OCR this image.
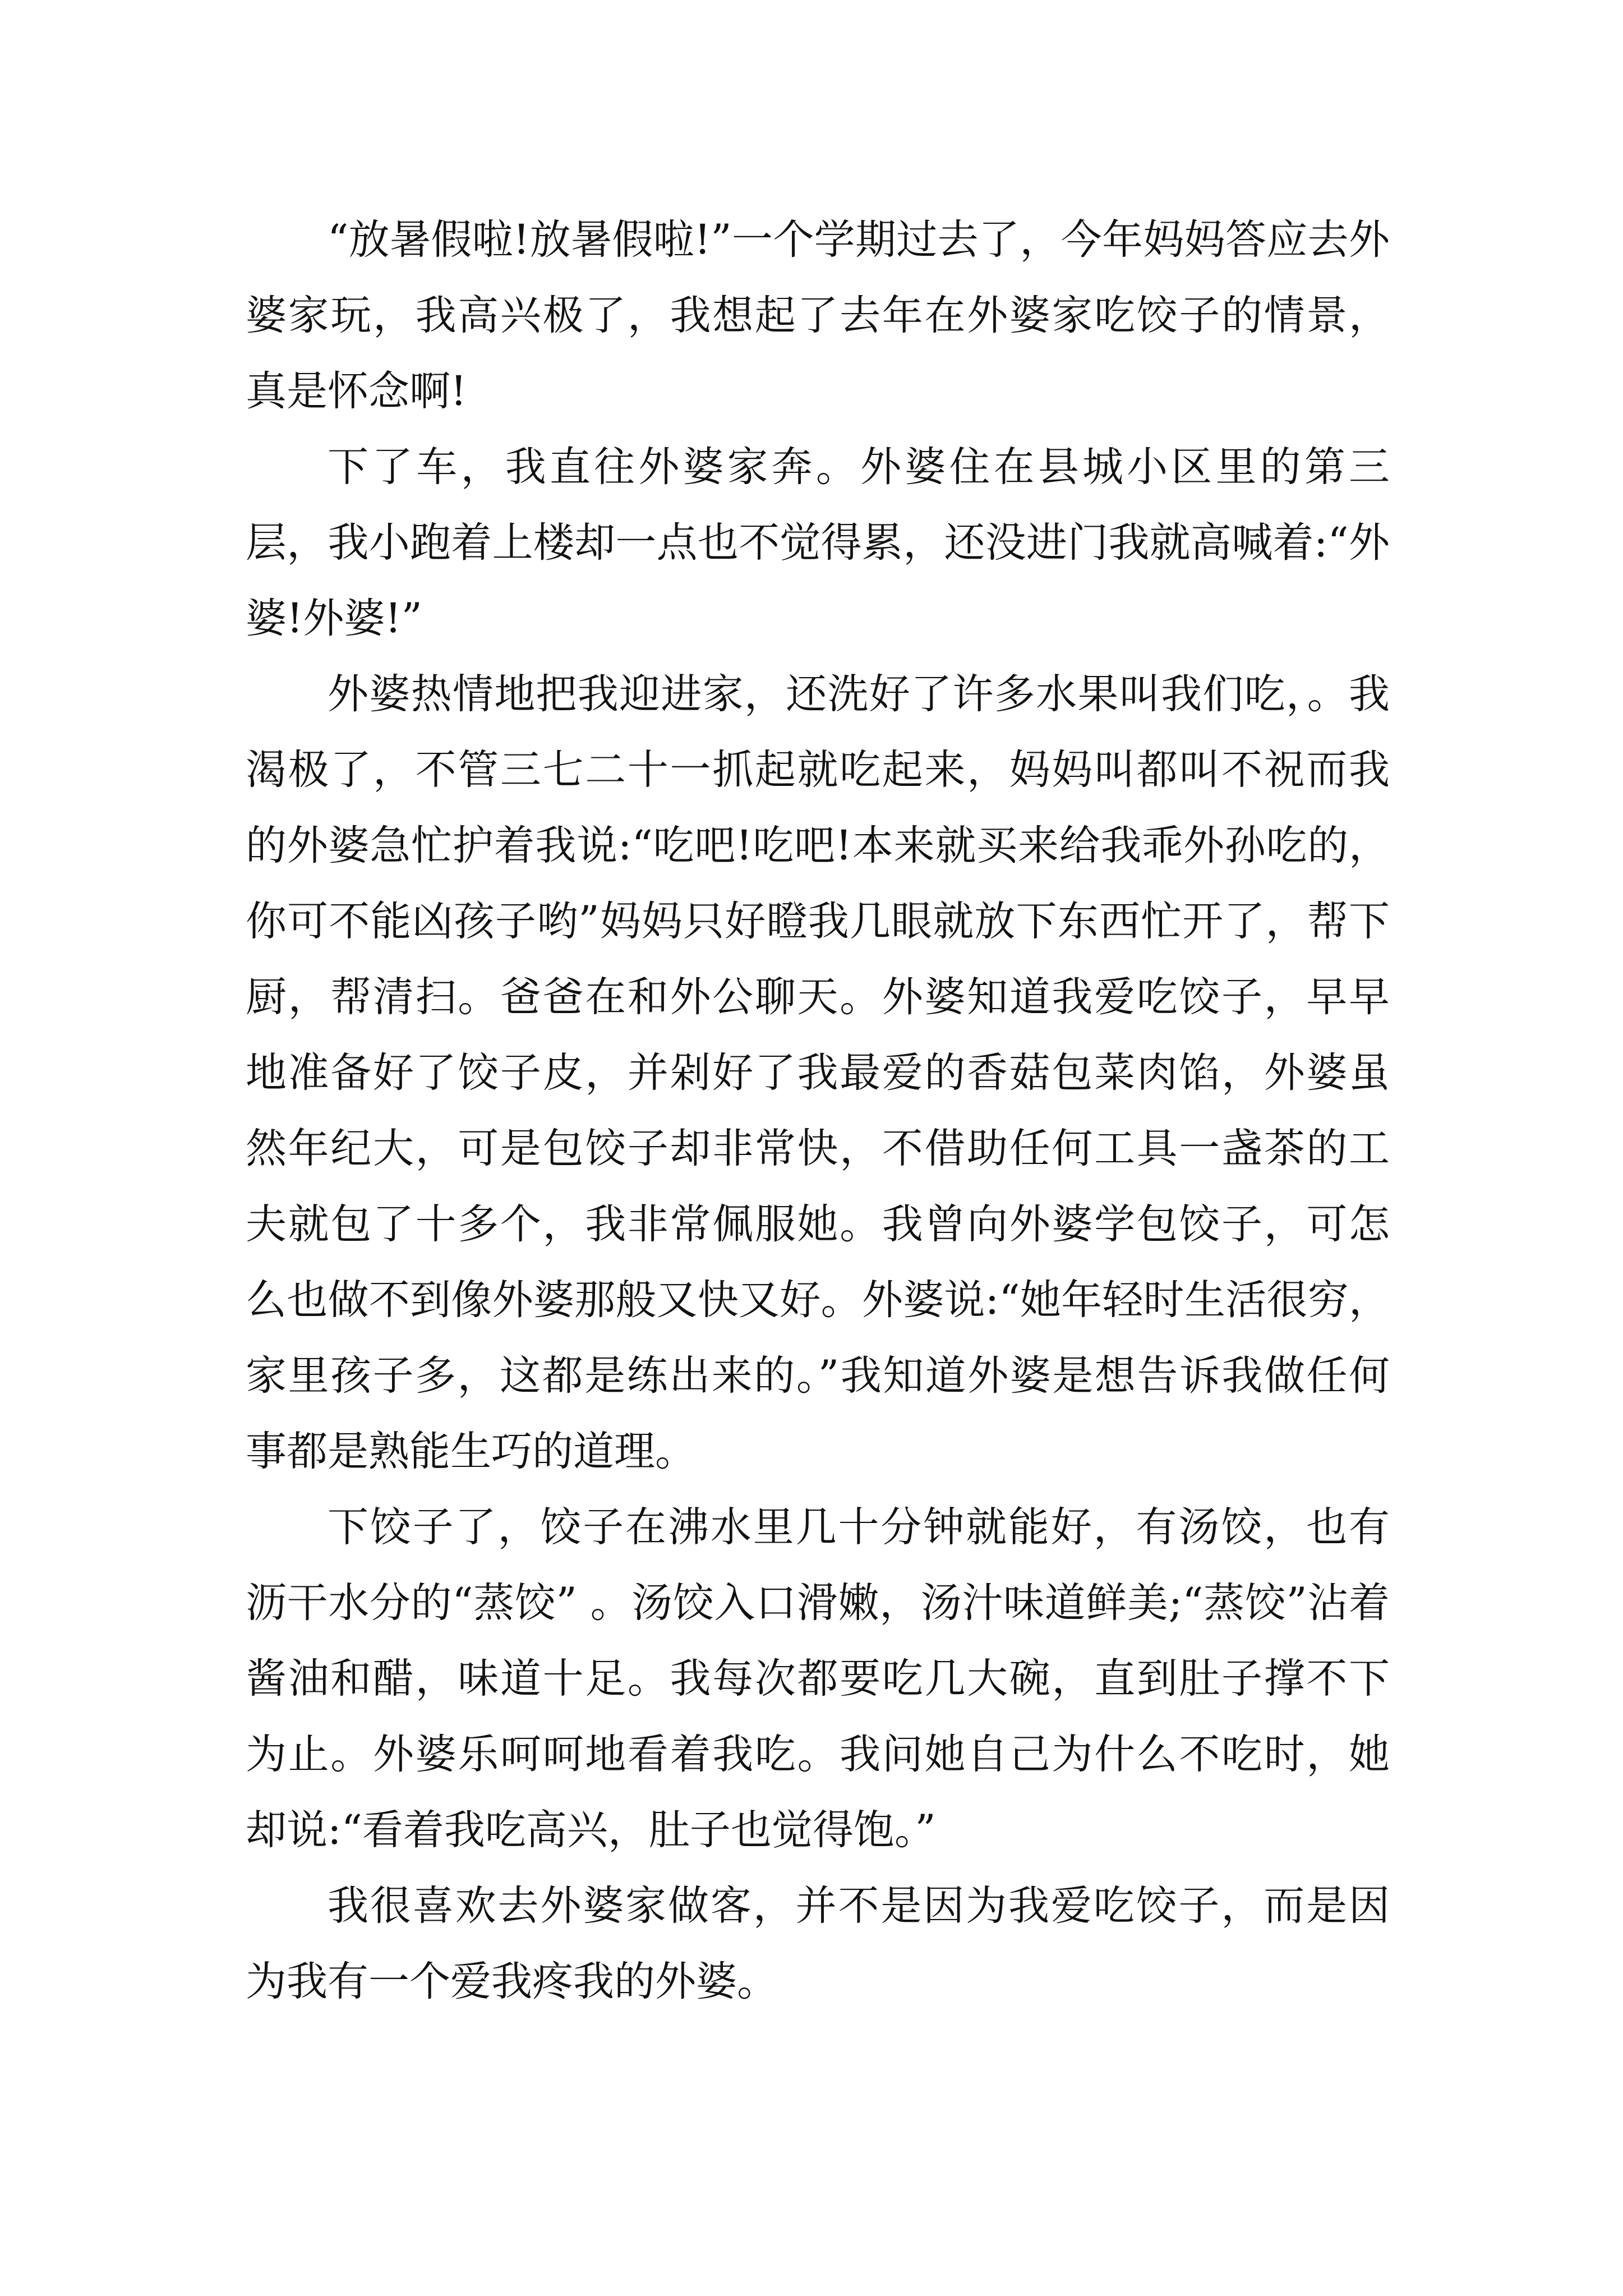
“放暑假啦!放暑假啦!”一个学期过去了，今年妈妈答应去外婆家玩，我高兴极了，我想起了去年在外婆家吃饺子的情景，真是怀念啊!

下了车，我直往外婆家奔。外婆住在县城小区里的第三层，我小跑着上楼却一点也不觉得累，还没进门我就高喊着:“外婆!外婆!”

外婆热情地把我迎进家，还洗好了许多水果叫我们吃，。我渴极了，不管三七二十一抓起就吃起来，妈妈叫都叫不祝而我的外婆急忙护着我说:“吃吧!吃吧!本来就买来给我乖外孙吃的，你可不能凶孩子哟”妈妈只好瞪我几眼就放下东西忙开了，帮下厨，帮清扫。爸爸在和外公聊天。外婆知道我爱吃饺子，早早地准备好了饺子皮，并剁好了我最爱的香菇包菜肉馅，外婆虽然年纪大，可是包饺子却非常快，不借助任何工具一盏茶的工夫就包了十多个，我非常佩服她。我曾向外婆学包饺子，可怎么也做不到像外婆那般又快又好。外婆说:“她年轻时生活很穷，家里孩子多，这都是练出来的。”我知道外婆是想告诉我做任何事都是熟能生巧的道理。

下饺子了，饺子在沸水里几十分钟就能好，有汤饺，也有沥干水分的“蒸饺” 。汤饺入口滑嫩，汤汁味道鲜美;“蒸饺”沾着酱油和醋，味道十足。我每次都要吃几大碗，直到肚子撑不下为止。外婆乐呵呵地看着我吃。我问她自己为什么不吃时，她却说:“看着我吃高兴，肚子也觉得饱。”

我很喜欢去外婆家做客，并不是因为我爱吃饺子，而是因为我有一个爱我疼我的外婆。
